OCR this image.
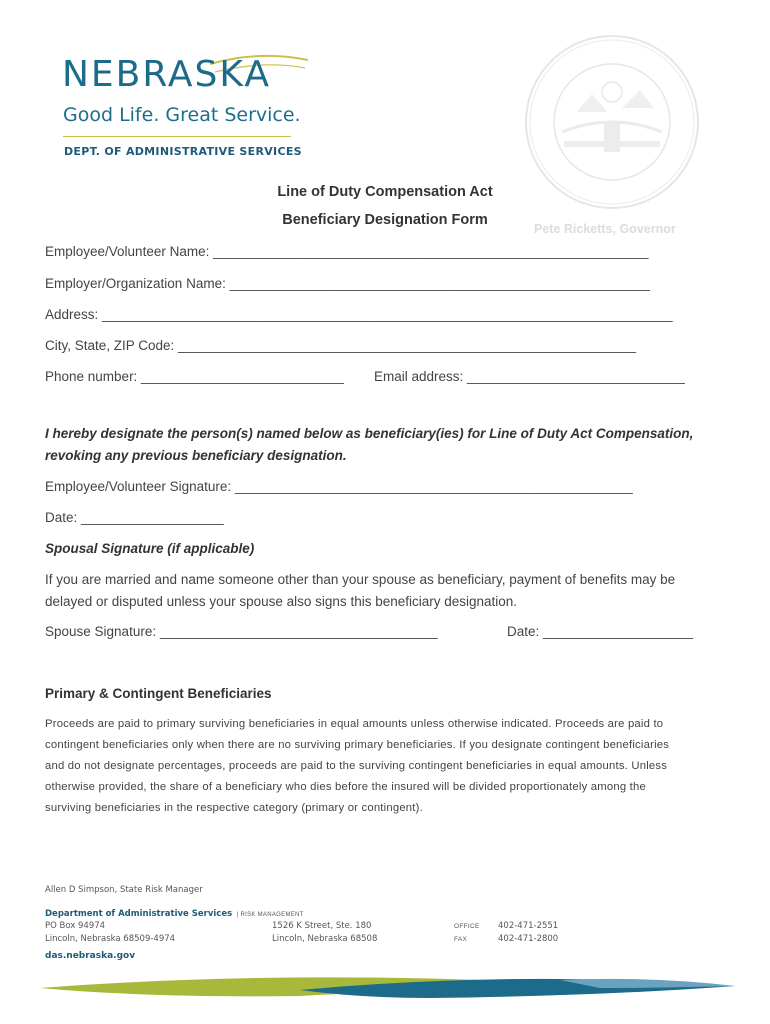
NEBRASKA
Good Life. Great Service.
DEPT. OF ADMINISTRATIVE SERVICES
Pete Ricketts, Governor
Line of Duty Compensation Act
Beneficiary Designation Form
Employee/Volunteer Name: __________________________________________________________
Employer/Organization Name: ________________________________________________________
Address: ____________________________________________________________________________
City, State, ZIP Code: _____________________________________________________________
Phone number: ___________________________ Email address: _____________________________
I hereby designate the person(s) named below as beneficiary(ies) for Line of Duty Act Compensation,
revoking any previous beneficiary designation.
Employee/Volunteer Signature: _____________________________________________________
Date: ___________________
Spousal Signature (if applicable)
If you are married and name someone other than your spouse as beneficiary, payment of benefits may be
delayed or disputed unless your spouse also signs this beneficiary designation.
Spouse Signature: _____________________________________	Date: ____________________
Primary & Contingent Beneficiaries
Proceeds are paid to primary surviving beneficiaries in equal amounts unless otherwise indicated. Proceeds are paid to
contingent beneficiaries only when there are no surviving primary beneficiaries. If you designate contingent beneficiaries
and do not designate percentages, proceeds are paid to the surviving contingent beneficiaries in equal amounts. Unless
otherwise provided, the share of a beneficiary who dies before the insured will be divided proportionately among the
surviving beneficiaries in the respective category (primary or contingent).
Allen D Simpson, State Risk Manager
Department of Administrative Services | RISK MANAGEMENT
PO Box 94974
Lincoln, Nebraska 68509-4974
1526 K Street, Ste. 180
Lincoln, Nebraska 68508
OFFICE 402-471-2551
FAX	402-471-2800
das.nebraska.gov
